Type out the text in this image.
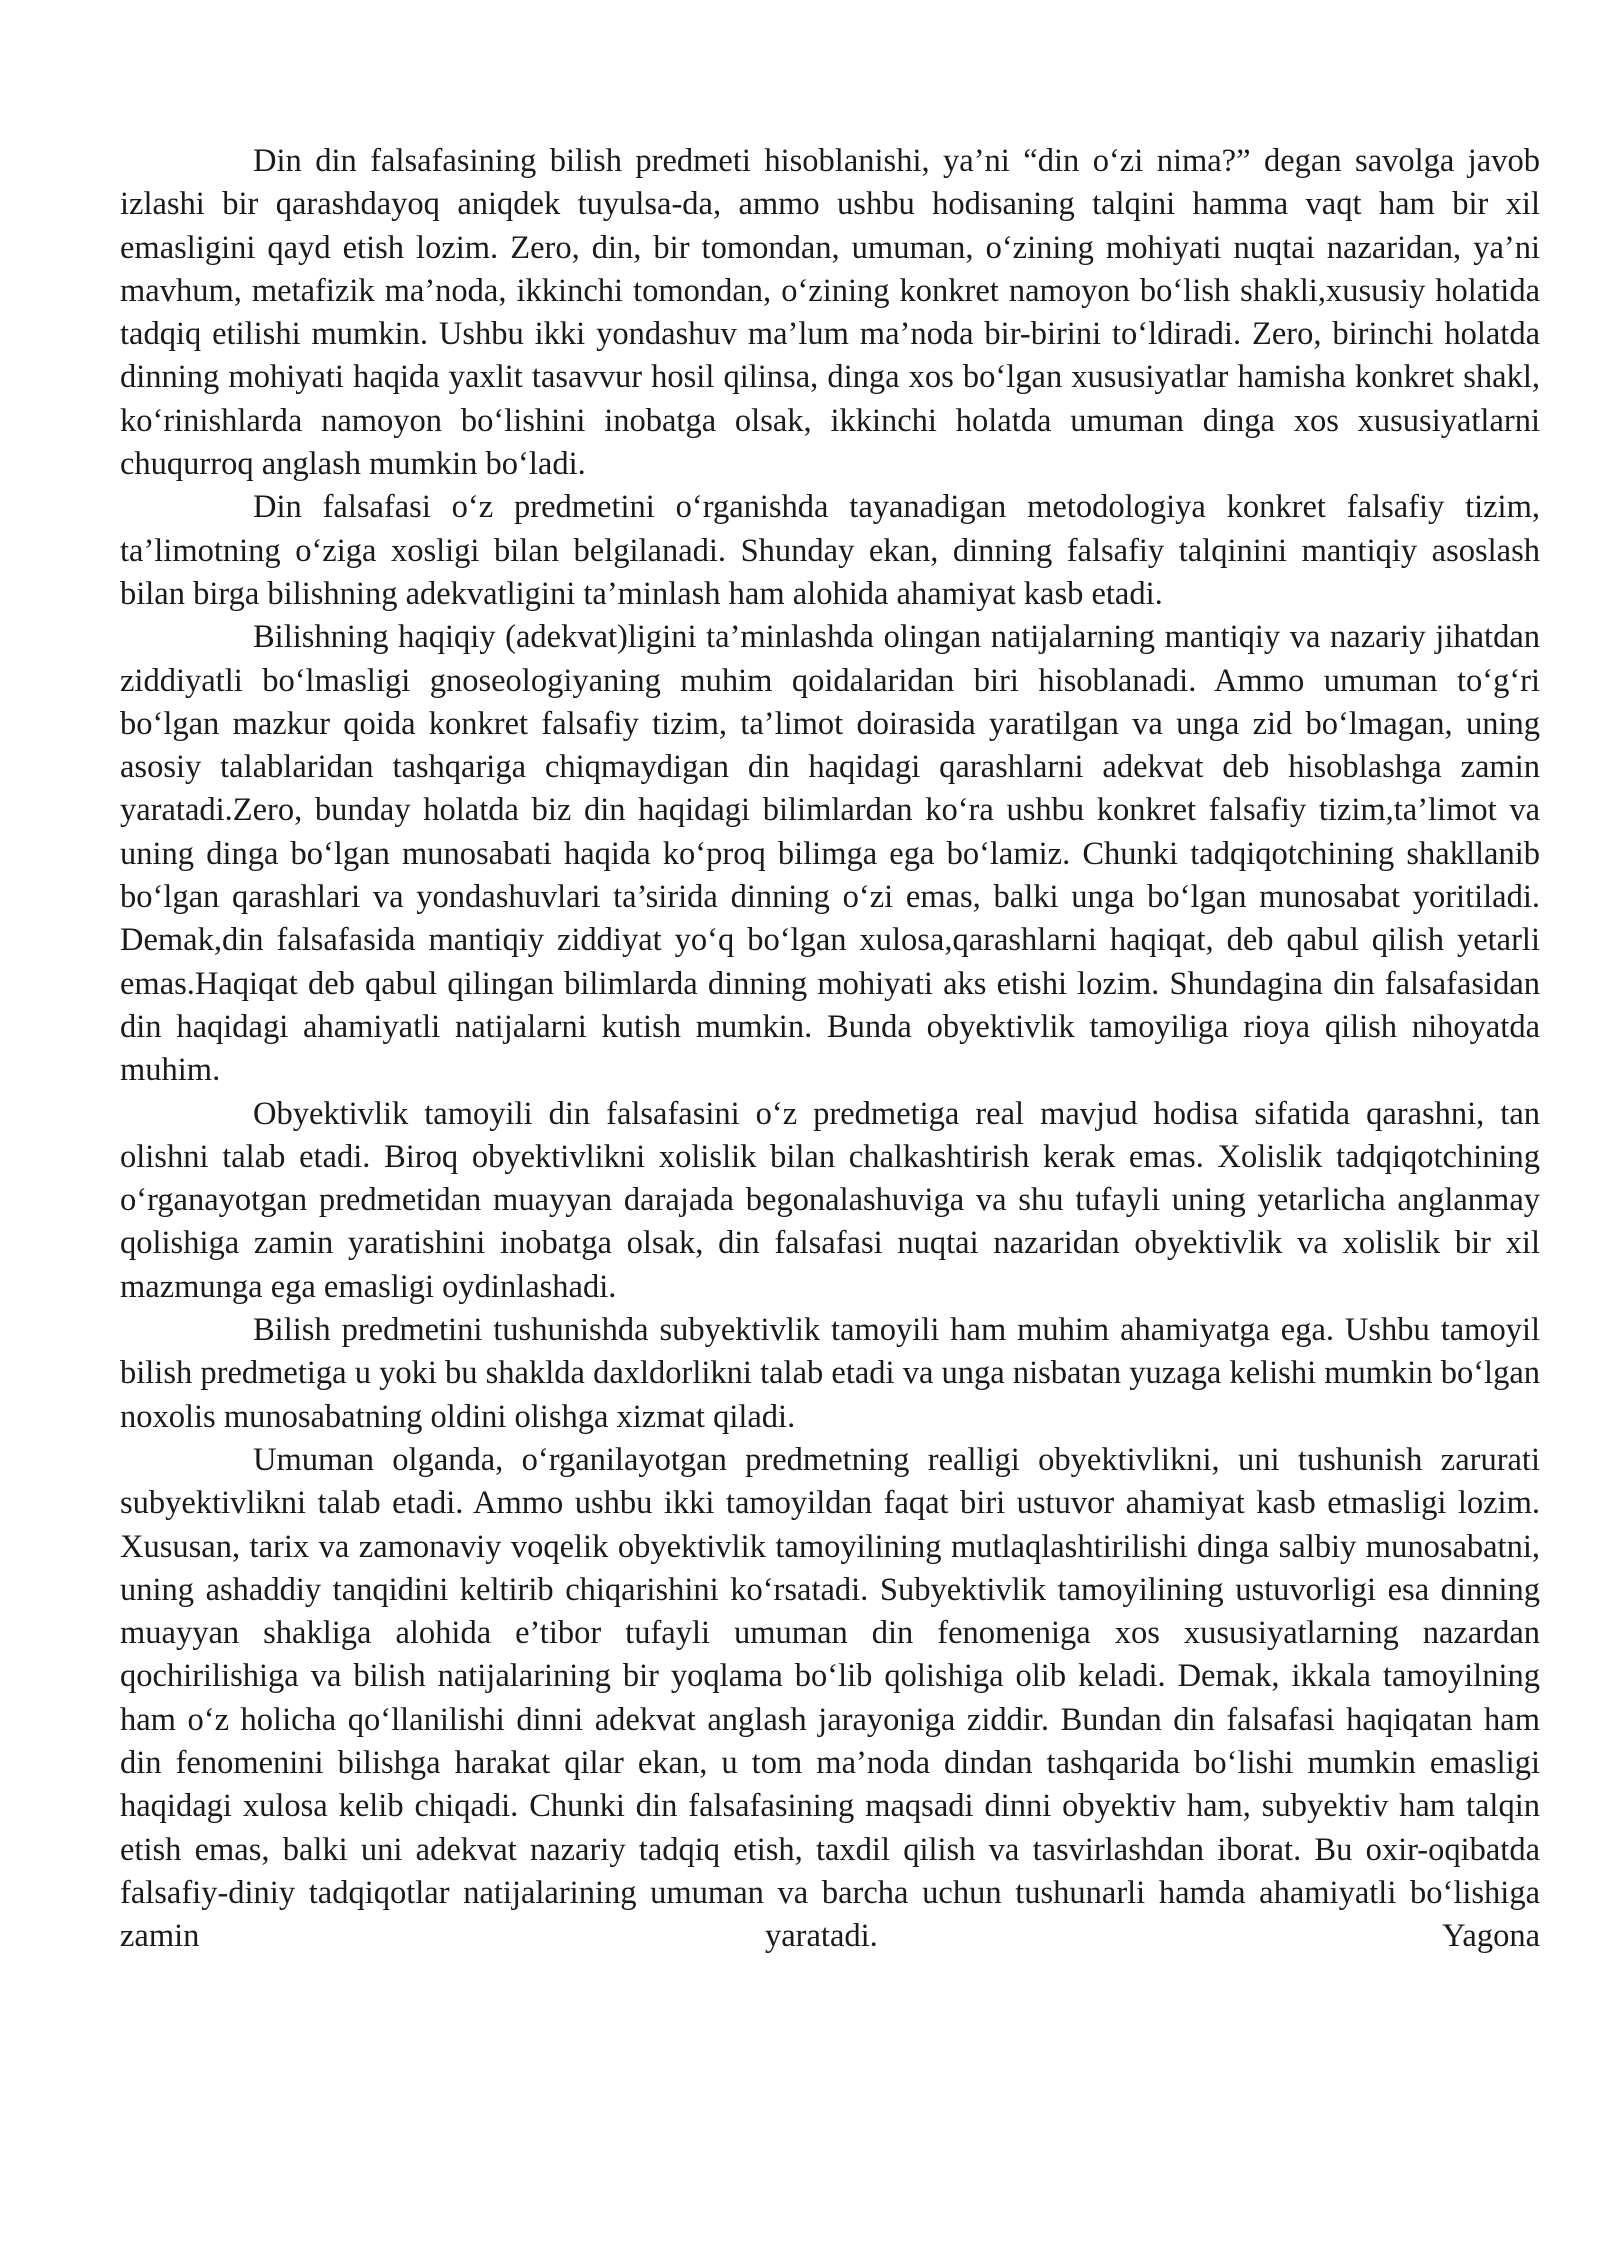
Din din falsafasining bilish predmeti hisoblanishi, ya’ni “din o‘zi nima?” degan savolga javob izlashi bir qarashdayoq aniqdek tuyulsa-da, ammo ushbu hodisaning talqini hamma vaqt ham bir xil emasligini qayd etish lozim. Zero, din, bir tomondan, umuman, o‘zining mohiyati nuqtai nazaridan, ya’ni mavhum, metafizik ma’noda, ikkinchi tomondan, o‘zining konkret namoyon bo‘lish shakli,xususiy holatida tadqiq etilishi mumkin. Ushbu ikki yondashuv ma’lum ma’noda bir-birini to‘ldiradi. Zero, birinchi holatda dinning mohiyati haqida yaxlit tasavvur hosil qilinsa, dinga xos bo‘lgan xususiyatlar hamisha konkret shakl, ko‘rinishlarda namoyon bo‘lishini inobatga olsak, ikkinchi holatda umuman dinga xos xususiyatlarni chuqurroq anglash mumkin bo‘ladi.

Din falsafasi o‘z predmetini o‘rganishda tayanadigan metodologiya konkret falsafiy tizim, ta’limotning o‘ziga xosligi bilan belgilanadi. Shunday ekan, dinning falsafiy talqinini mantiqiy asoslash bilan birga bilishning adekvatligini ta’minlash ham alohida ahamiyat kasb etadi.

Bilishning haqiqiy (adekvat)ligini ta’minlashda olingan natijalarning mantiqiy va nazariy jihatdan ziddiyatli bo‘lmasligi gnoseologiyaning muhim qoidalaridan biri hisoblanadi. Ammo umuman to‘g‘ri bo‘lgan mazkur qoida konkret falsafiy tizim, ta’limot doirasida yaratilgan va unga zid bo‘lmagan, uning asosiy talablaridan tashqariga chiqmaydigan din haqidagi qarashlarni adekvat deb hisoblashga zamin yaratadi.Zero, bunday holatda biz din haqidagi bilimlardan ko‘ra ushbu konkret falsafiy tizim,ta’limot va uning dinga bo‘lgan munosabati haqida ko‘proq bilimga ega bo‘lamiz. Chunki tadqiqotchining shakllanib bo‘lgan qarashlari va yondashuvlari ta’sirida dinning o‘zi emas, balki unga bo‘lgan munosabat yoritiladi. Demak,din falsafasida mantiqiy ziddiyat yo‘q bo‘lgan xulosa,qarashlarni haqiqat, deb qabul qilish yetarli emas.Haqiqat deb qabul qilingan bilimlarda dinning mohiyati aks etishi lozim. Shundagina din falsafasidan din haqidagi ahamiyatli natijalarni kutish mumkin. Bunda obyektivlik tamoyiliga rioya qilish nihoyatda muhim.

Obyektivlik tamoyili din falsafasini o‘z predmetiga real mavjud hodisa sifatida qarashni, tan olishni talab etadi. Biroq obyektivlikni xolislik bilan chalkashtirish kerak emas. Xolislik tadqiqotchining o‘rganayotgan predmetidan muayyan darajada begonalashuviga va shu tufayli uning yetarlicha anglanmay qolishiga zamin yaratishini inobatga olsak, din falsafasi nuqtai nazaridan obyektivlik va xolislik bir xil mazmunga ega emasligi oydinlashadi.

Bilish predmetini tushunishda subyektivlik tamoyili ham muhim ahamiyatga ega. Ushbu tamoyil bilish predmetiga u yoki bu shaklda daxldorlikni talab etadi va unga nisbatan yuzaga kelishi mumkin bo‘lgan noxolis munosabatning oldini olishga xizmat qiladi.

Umuman olganda, o‘rganilayotgan predmetning realligi obyektivlikni, uni tushunish zarurati subyektivlikni talab etadi. Ammo ushbu ikki tamoyildan faqat biri ustuvor ahamiyat kasb etmasligi lozim. Xususan, tarix va zamonaviy voqelik obyektivlik tamoyilining mutlaqlashtirilishi dinga salbiy munosabatni, uning ashaddiy tanqidini keltirib chiqarishini ko‘rsatadi. Subyektivlik tamoyilining ustuvorligi esa dinning muayyan shakliga alohida e’tibor tufayli umuman din fenomeniga xos xususiyatlarning nazardan qochirilishiga va bilish natijalarining bir yoqlama bo‘lib qolishiga olib keladi. Demak, ikkala tamoyilning ham o‘z holicha qo‘llanilishi dinni adekvat anglash jarayoniga ziddir. Bundan din falsafasi haqiqatan ham din fenomenini bilishga harakat qilar ekan, u tom ma’noda dindan tashqarida bo‘lishi mumkin emasligi haqidagi xulosa kelib chiqadi. Chunki din falsafasining maqsadi dinni obyektiv ham, subyektiv ham talqin etish emas, balki uni adekvat nazariy tadqiq etish, taxdil qilish va tasvirlashdan iborat. Bu oxir-oqibatda falsafiy-diniy tadqiqotlar natijalarining umuman va barcha uchun tushunarli hamda ahamiyatli bo‘lishiga zamin yaratadi. Yagona
